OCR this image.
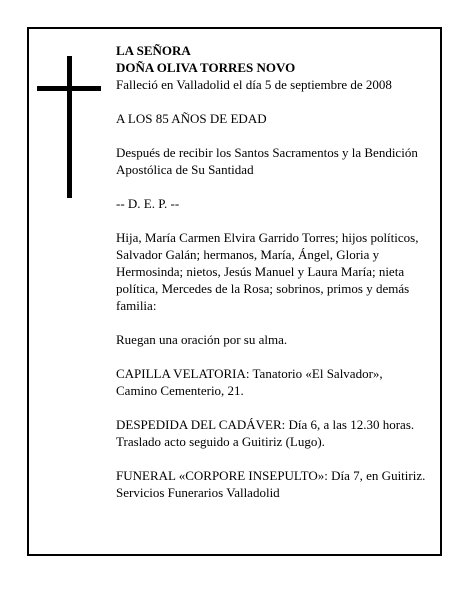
LA SEÑORA

DOÑA OLIVA TORRES NOVO

Falleció en Valladolid el día 5 de septiembre de 2008

A LOS 85 AÑOS DE EDAD

Después de recibir los Santos Sacramentos y la Bendición Apostólica de Su Santidad

-- D. E. P. --

Hija, María Carmen Elvira Garrido Torres; hijos políticos, Salvador Galán; hermanos, María, Ángel, Gloria y Hermosinda; nietos, Jesús Manuel y Laura María; nieta política, Mercedes de la Rosa; sobrinos, primos y demás familia:

Ruegan una oración por su alma.

CAPILLA VELATORIA: Tanatorio «El Salvador», Camino Cementerio, 21.

DESPEDIDA DEL CADÁVER: Día 6, a las 12.30 horas. Traslado acto seguido a Guitiriz (Lugo).

FUNERAL «CORPORE INSEPULTO»: Día 7, en Guitiriz.

Servicios Funerarios Valladolid
